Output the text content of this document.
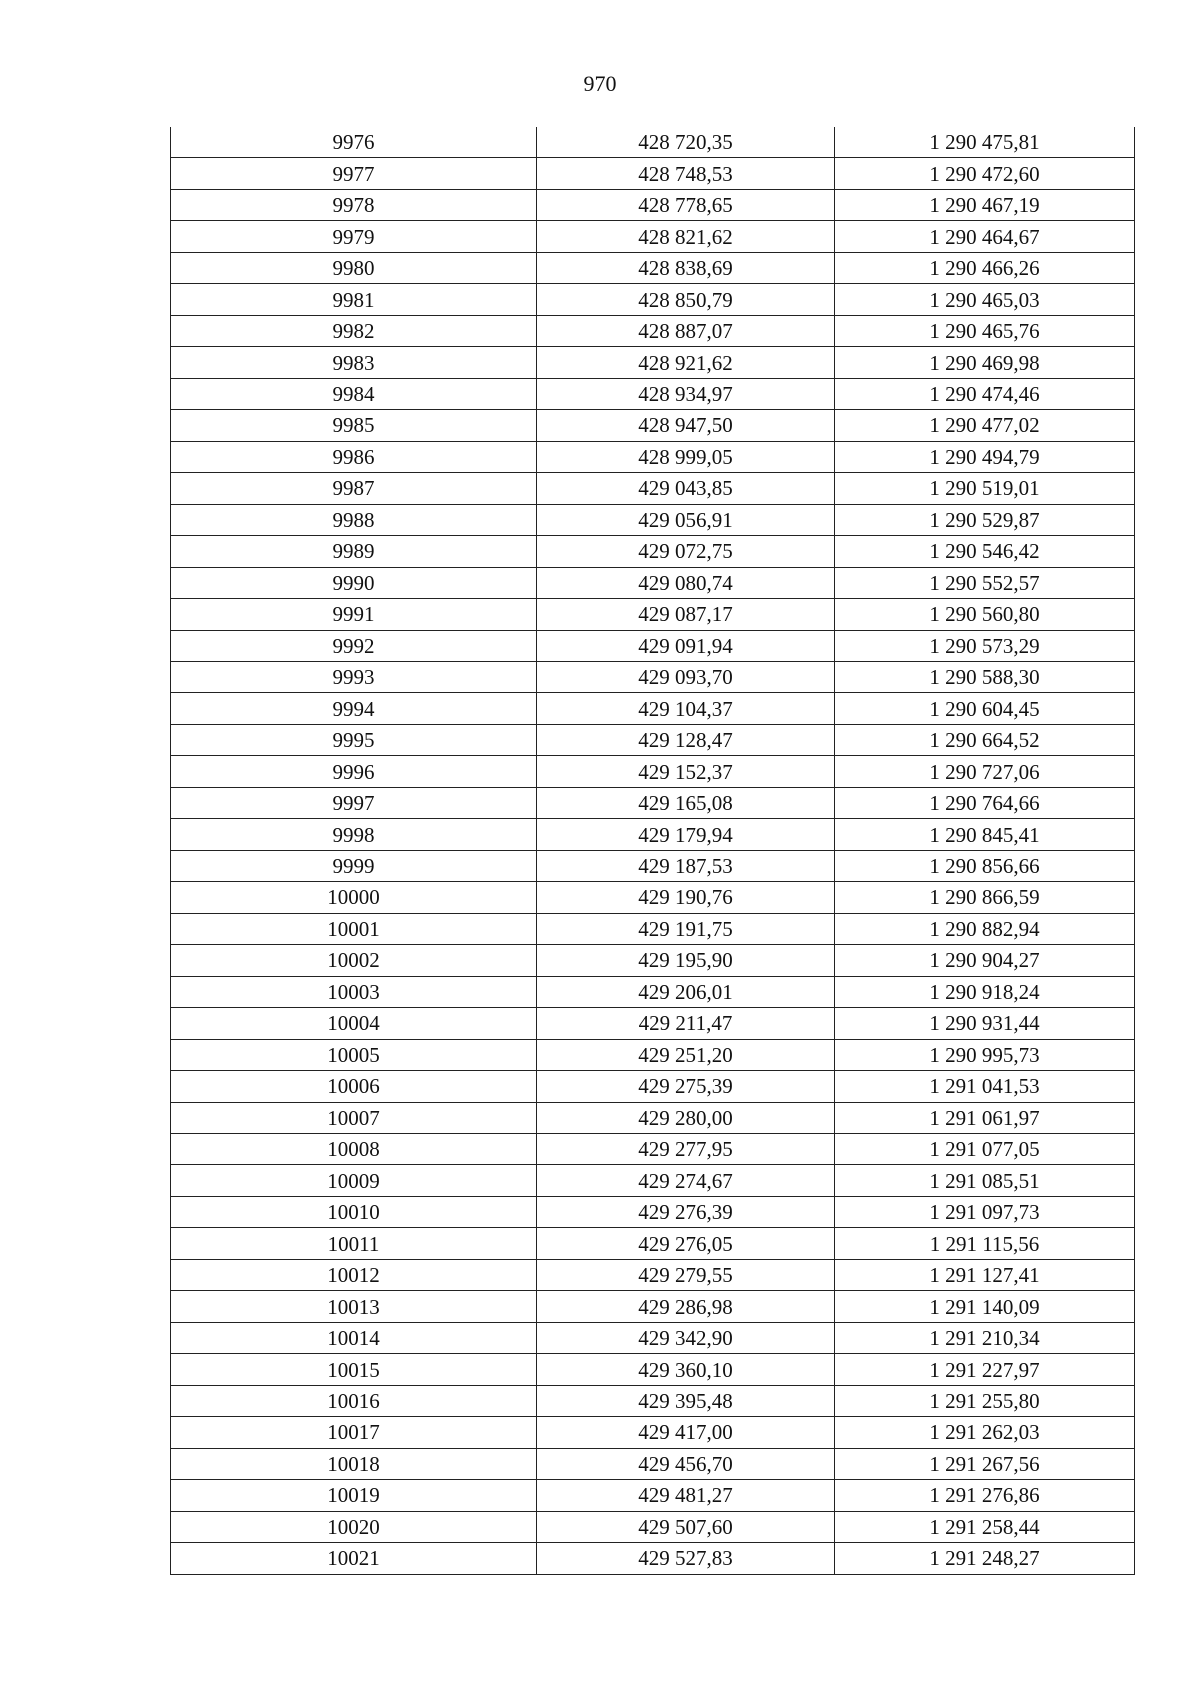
970
9976	428 720,35	1 290 475,81
9977	428 748,53	1 290 472,60
9978	428 778,65	1 290 467,19
9979	428 821,62	1 290 464,67
9980	428 838,69	1 290 466,26
9981	428 850,79	1 290 465,03
9982	428 887,07	1 290 465,76
9983	428 921,62	1 290 469,98
9984	428 934,97	1 290 474,46
9985	428 947,50	1 290 477,02
9986	428 999,05	1 290 494,79
9987	429 043,85	1 290 519,01
9988	429 056,91	1 290 529,87
9989	429 072,75	1 290 546,42
9990	429 080,74	1 290 552,57
9991	429 087,17	1 290 560,80
9992	429 091,94	1 290 573,29
9993	429 093,70	1 290 588,30
9994	429 104,37	1 290 604,45
9995	429 128,47	1 290 664,52
9996	429 152,37	1 290 727,06
9997	429 165,08	1 290 764,66
9998	429 179,94	1 290 845,41
9999	429 187,53	1 290 856,66
10000	429 190,76	1 290 866,59
10001	429 191,75	1 290 882,94
10002	429 195,90	1 290 904,27
10003	429 206,01	1 290 918,24
10004	429 211,47	1 290 931,44
10005	429 251,20	1 290 995,73
10006	429 275,39	1 291 041,53
10007	429 280,00	1 291 061,97
10008	429 277,95	1 291 077,05
10009	429 274,67	1 291 085,51
10010	429 276,39	1 291 097,73
10011	429 276,05	1 291 115,56
10012	429 279,55	1 291 127,41
10013	429 286,98	1 291 140,09
10014	429 342,90	1 291 210,34
10015	429 360,10	1 291 227,97
10016	429 395,48	1 291 255,80
10017	429 417,00	1 291 262,03
10018	429 456,70	1 291 267,56
10019	429 481,27	1 291 276,86
10020	429 507,60	1 291 258,44
10021	429 527,83	1 291 248,27
